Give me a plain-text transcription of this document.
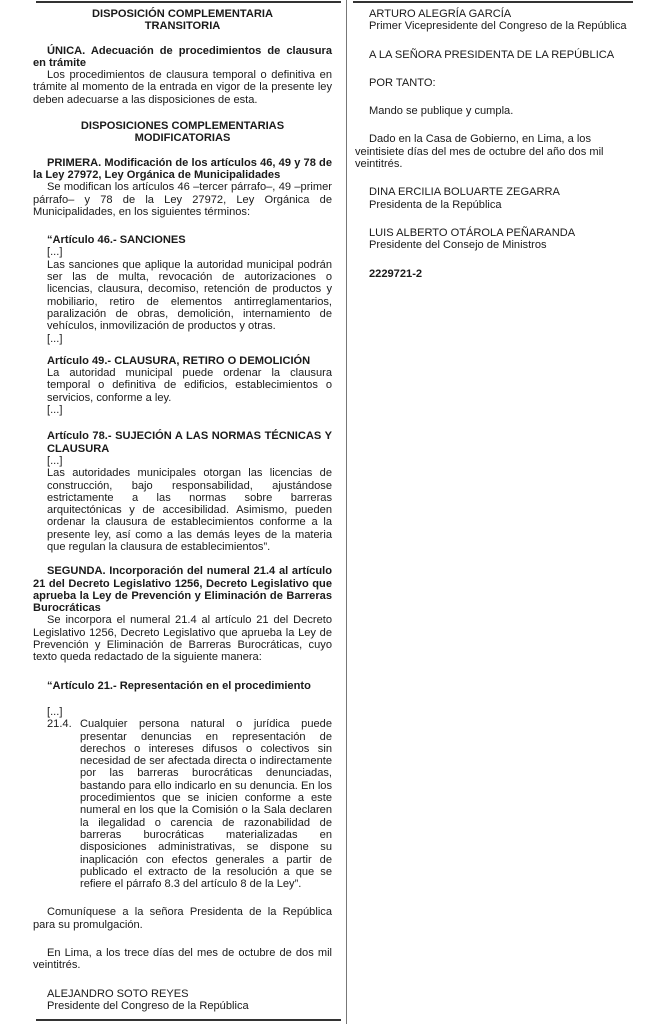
DISPOSICIÓN COMPLEMENTARIA

TRANSITORIA

ÚNICA. Adecuación de procedimientos de clausura en trámite

Los procedimientos de clausura temporal o definitiva en trámite al momento de la entrada en vigor de la presente ley deben adecuarse a las disposiciones de esta.

DISPOSICIONES COMPLEMENTARIAS

MODIFICATORIAS

PRIMERA. Modificación de los artículos 46, 49 y 78 de la Ley 27972, Ley Orgánica de Municipalidades

Se modifican los artículos 46 –tercer párrafo–, 49 –primer párrafo– y 78 de la Ley 27972, Ley Orgánica de Municipalidades, en los siguientes términos:

“Artículo 46.- SANCIONES

[...]

Las sanciones que aplique la autoridad municipal podrán ser las de multa, revocación de autorizaciones o licencias, clausura, decomiso, retención de productos y mobiliario, retiro de elementos antirreglamentarios, paralización de obras, demolición, internamiento de vehículos, inmovilización de productos y otras.

[...]

Artículo 49.- CLAUSURA, RETIRO O DEMOLICIÓN

La autoridad municipal puede ordenar la clausura temporal o definitiva de edificios, establecimientos o servicios, conforme a ley.

[...]

Artículo 78.- SUJECIÓN A LAS NORMAS TÉCNICAS Y CLAUSURA

[...]

Las autoridades municipales otorgan las licencias de construcción, bajo responsabilidad, ajustándose estrictamente a las normas sobre barreras arquitectónicas y de accesibilidad. Asimismo, pueden ordenar la clausura de establecimientos conforme a la presente ley, así como a las demás leyes de la materia que regulan la clausura de establecimientos”.

SEGUNDA. Incorporación del numeral 21.4 al artículo 21 del Decreto Legislativo 1256, Decreto Legislativo que aprueba la Ley de Prevención y Eliminación de Barreras Burocráticas

Se incorpora el numeral 21.4 al artículo 21 del Decreto Legislativo 1256, Decreto Legislativo que aprueba la Ley de Prevención y Eliminación de Barreras Burocráticas, cuyo texto queda redactado de la siguiente manera:

“Artículo 21.- Representación en el procedimiento

[...]

21.4. Cualquier persona natural o jurídica puede presentar denuncias en representación de derechos o intereses difusos o colectivos sin necesidad de ser afectada directa o indirectamente por las barreras burocráticas denunciadas, bastando para ello indicarlo en su denuncia. En los procedimientos que se inicien conforme a este numeral en los que la Comisión o la Sala declaren la ilegalidad o carencia de razonabilidad de barreras burocráticas materializadas en disposiciones administrativas, se dispone su inaplicación con efectos generales a partir de publicado el extracto de la resolución a que se refiere el párrafo 8.3 del artículo 8 de la Ley”.

Comuníquese a la señora Presidenta de la República para su promulgación.

En Lima, a los trece días del mes de octubre de dos mil veintitrés.

ALEJANDRO SOTO REYES

Presidente del Congreso de la República

ARTURO ALEGRÍA GARCÍA

Primer Vicepresidente del Congreso de la República

A LA SEÑORA PRESIDENTA DE LA REPÚBLICA

POR TANTO:

Mando se publique y cumpla.

Dado en la Casa de Gobierno, en Lima, a los veintisiete días del mes de octubre del año dos mil veintitrés.

DINA ERCILIA BOLUARTE ZEGARRA

Presidenta de la República

LUIS ALBERTO OTÁROLA PEÑARANDA

Presidente del Consejo de Ministros

2229721-2
